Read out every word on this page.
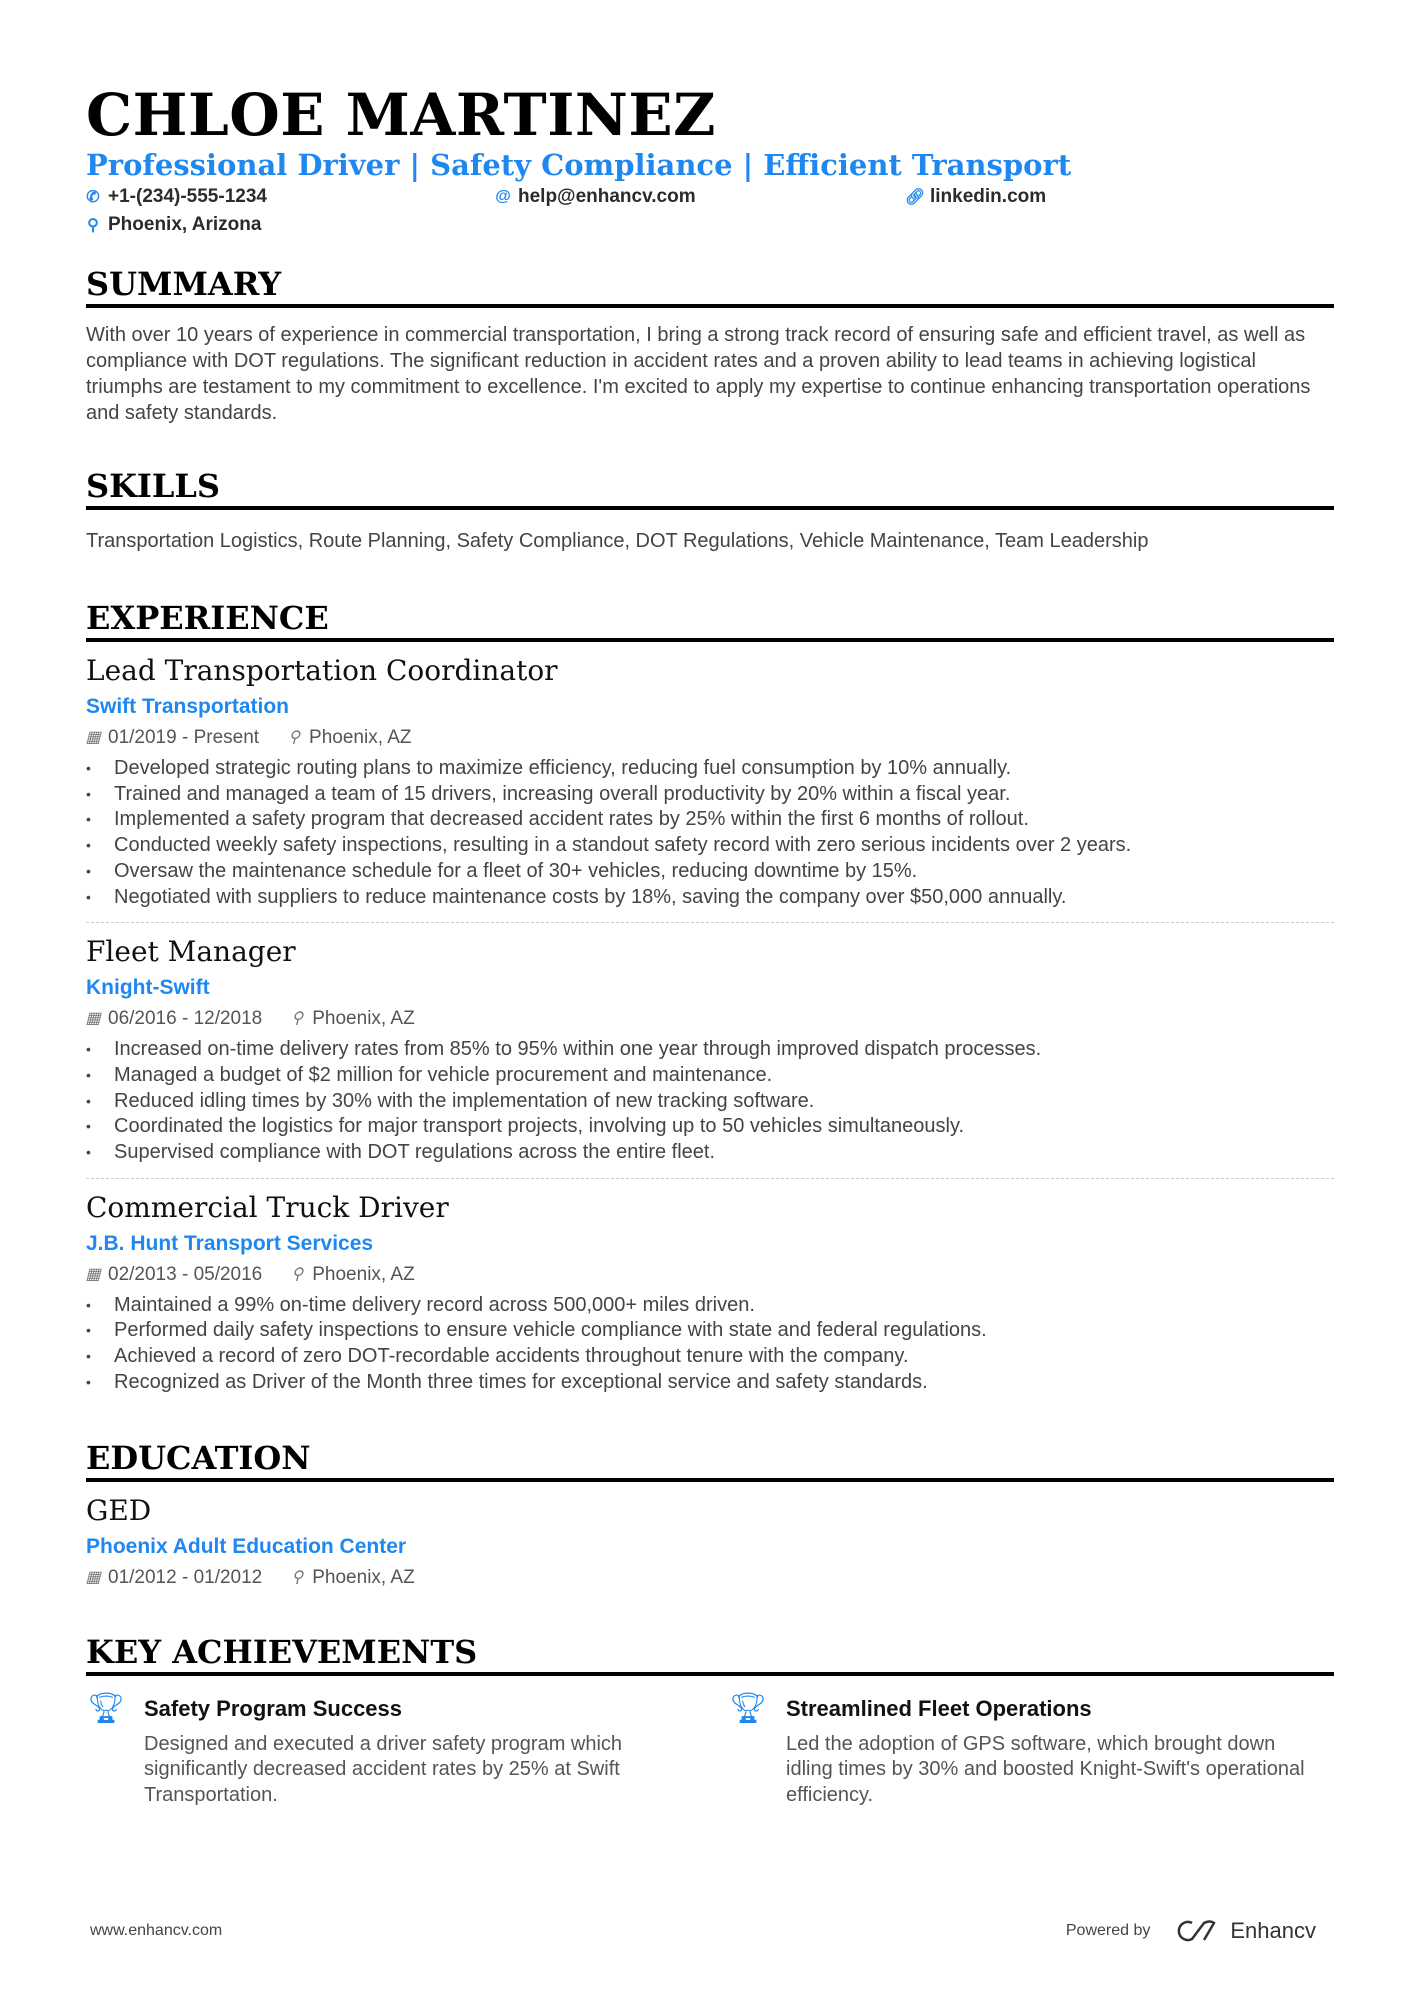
CHLOE MARTINEZ
Professional Driver | Safety Compliance | Efficient Transport
✆ +1-(234)-555-1234	@ help@enhancv.com	🔗︎ linkedin.com
⚲ Phoenix, Arizona
SUMMARY

With over 10 years of experience in commercial transportation, I bring a strong track record of ensuring safe and efficient travel, as well as compliance with DOT regulations. The significant reduction in accident rates and a proven ability to lead teams in achieving logistical triumphs are testament to my commitment to excellence. I'm excited to apply my expertise to continue enhancing transportation operations and safety standards.

SKILLS

Transportation Logistics, Route Planning, Safety Compliance, DOT Regulations, Vehicle Maintenance, Team Leadership

EXPERIENCE
Lead Transportation Coordinator
Swift Transportation
▦ 01/2019 - Present ⚲ Phoenix, AZ
• Developed strategic routing plans to maximize efficiency, reducing fuel consumption by 10% annually.
• Trained and managed a team of 15 drivers, increasing overall productivity by 20% within a fiscal year.
• Implemented a safety program that decreased accident rates by 25% within the first 6 months of rollout.
• Conducted weekly safety inspections, resulting in a standout safety record with zero serious incidents over 2 years.
• Oversaw the maintenance schedule for a fleet of 30+ vehicles, reducing downtime by 15%.
• Negotiated with suppliers to reduce maintenance costs by 18%, saving the company over $50,000 annually.
Fleet Manager
Knight-Swift
▦ 06/2016 - 12/2018 ⚲ Phoenix, AZ
• Increased on-time delivery rates from 85% to 95% within one year through improved dispatch processes.
• Managed a budget of $2 million for vehicle procurement and maintenance.
• Reduced idling times by 30% with the implementation of new tracking software.
• Coordinated the logistics for major transport projects, involving up to 50 vehicles simultaneously.
• Supervised compliance with DOT regulations across the entire fleet.
Commercial Truck Driver
J.B. Hunt Transport Services
▦ 02/2013 - 05/2016 ⚲ Phoenix, AZ
• Maintained a 99% on-time delivery record across 500,000+ miles driven.
• Performed daily safety inspections to ensure vehicle compliance with state and federal regulations.
• Achieved a record of zero DOT-recordable accidents throughout tenure with the company.
• Recognized as Driver of the Month three times for exceptional service and safety standards.
EDUCATION
GED
Phoenix Adult Education Center
▦ 01/2012 - 01/2012 ⚲ Phoenix, AZ
KEY ACHIEVEMENTS
🏆︎ Safety Program Success
Designed and executed a driver safety program which significantly decreased accident rates by 25% at Swift Transportation.
🏆︎ Streamlined Fleet Operations
Led the adoption of GPS software, which brought down idling times by 30% and boosted Knight-Swift's operational efficiency.
www.enhancv.com	Powered by	Enhancv
